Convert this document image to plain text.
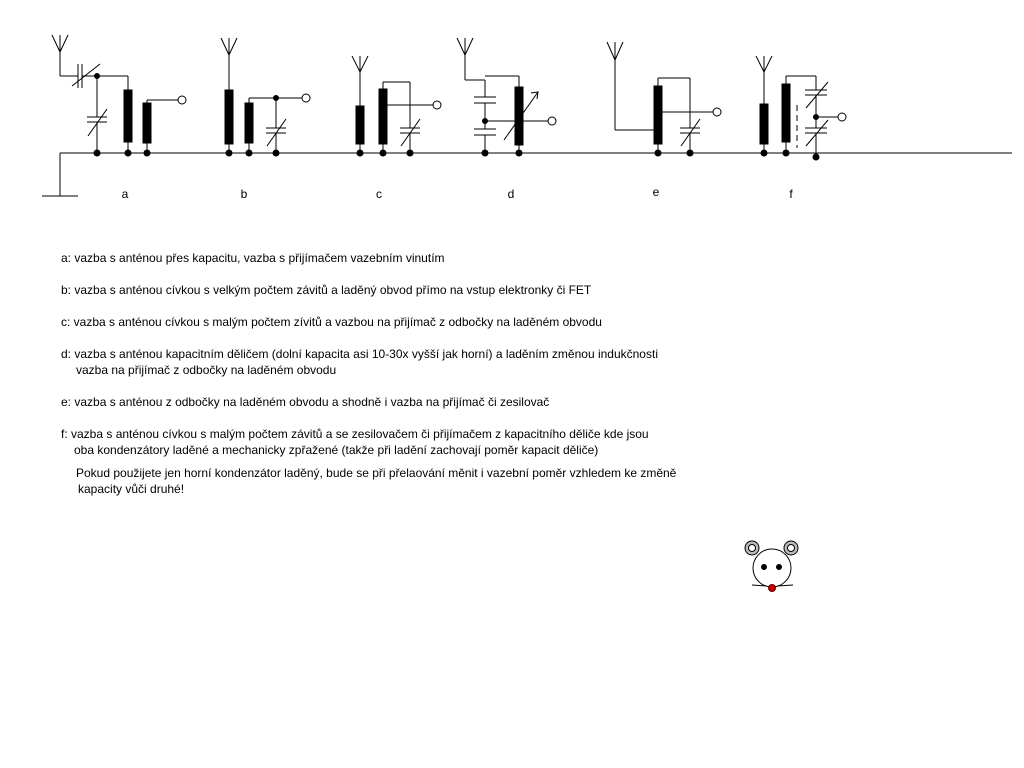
a	b	c	d	e	f
a: vazba s anténou přes kapacitu, vazba s přijímačem vazebním vinutím
b: vazba s anténou cívkou s velkým počtem závitů a laděný obvod přímo na vstup elektronky či FET
c: vazba s anténou cívkou s malým počtem zívitů a vazbou na přijímač z odbočky na laděném obvodu
d: vazba s anténou kapacitním děličem (dolní kapacita asi 10-30x vyšší jak horní) a laděním změnou indukčnosti
vazba na přijímač z odbočky na laděném obvodu
e: vazba s anténou z odbočky na laděném obvodu a shodně i vazba na přijímač či zesilovač
f: vazba s anténou cívkou s malým počtem závitů a se zesilovačem či přijímačem z kapacitního děliče kde jsou
oba kondenzátory laděné a mechanicky zpřažené (takže při ladění zachovají poměr kapacit děliče)
Pokud použijete jen horní kondenzátor laděný, bude se při přelaování měnit i vazební poměr vzhledem ke změně
kapacity vůči druhé!
